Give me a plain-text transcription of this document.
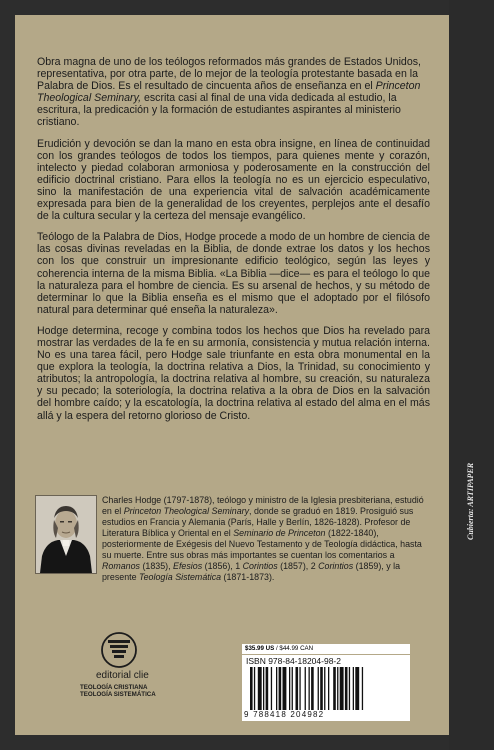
Cubierta: ARTIPAPER

Obra magna de uno de los teólogos reformados más grandes de Estados Unidos, representativa, por otra parte, de lo mejor de la teología protestante basada en la Palabra de Dios. Es el resultado de cincuenta años de enseñanza en el Princeton Theological Seminary, escrita casi al final de una vida dedicada al estudio, la escritura, la predicación y la formación de estudiantes aspirantes al ministerio cristiano.

Erudición y devoción se dan la mano en esta obra insigne, en línea de continuidad con los grandes teólogos de todos los tiempos, para quienes mente y corazón, intelecto y piedad colaboran armoniosa y poderosamente en la construcción del edificio doctrinal cristiano. Para ellos la teología no es un ejercicio especulativo, sino la manifestación de una experiencia vital de salvación académicamente expresada para bien de la generalidad de los creyentes, perplejos ante el desafío de la cultura secular y la certeza del mensaje evangélico.

Teólogo de la Palabra de Dios, Hodge procede a modo de un hombre de ciencia de las cosas divinas reveladas en la Biblia, de donde extrae los datos y los hechos con los que construir un impresionante edificio teológico, según las leyes y coherencia interna de la misma Biblia. «La Biblia —dice— es para el teólogo lo que la naturaleza para el hombre de ciencia. Es su arsenal de hechos, y su método de determinar lo que la Biblia enseña es el mismo que el adoptado por el filósofo natural para determinar qué enseña la naturaleza».

Hodge determina, recoge y combina todos los hechos que Dios ha revelado para mostrar las verdades de la fe en su armonía, consistencia y mutua relación interna. No es una tarea fácil, pero Hodge sale triunfante en esta obra monumental en la que explora la teología, la doctrina relativa a Dios, la Trinidad, su conocimiento y atributos; la antropología, la doctrina relativa al hombre, su creación, su naturaleza y su pecado; la soteriología, la doctrina relativa a la obra de Dios en la salvación del hombre caído; y la escatología, la doctrina relativa al estado del alma en el más allá y la espera del retorno glorioso de Cristo.

Charles Hodge (1797-1878), teólogo y ministro de la Iglesia presbiteriana, estudió en el Princeton Theological Seminary, donde se graduó en 1819. Prosiguió sus estudios en Francia y Alemania (París, Halle y Berlín, 1826-1828). Profesor de Literatura Bíblica y Oriental en el Seminario de Princeton (1822-1840), posteriormente de Exégesis del Nuevo Testamento y de Teología didáctica, hasta su muerte. Entre sus obras más importantes se cuentan los comentarios a Romanos (1835), Efesios (1856), 1 Corintios (1857), 2 Corintios (1859), y la presente Teología Sistemática (1871-1873).

editorial clie
TEOLOGÍA CRISTIANA
TEOLOGÍA SISTEMÁTICA
$35.99 US / $44.99 CAN
ISBN 978-84-18204-98-2
9 788418 204982
